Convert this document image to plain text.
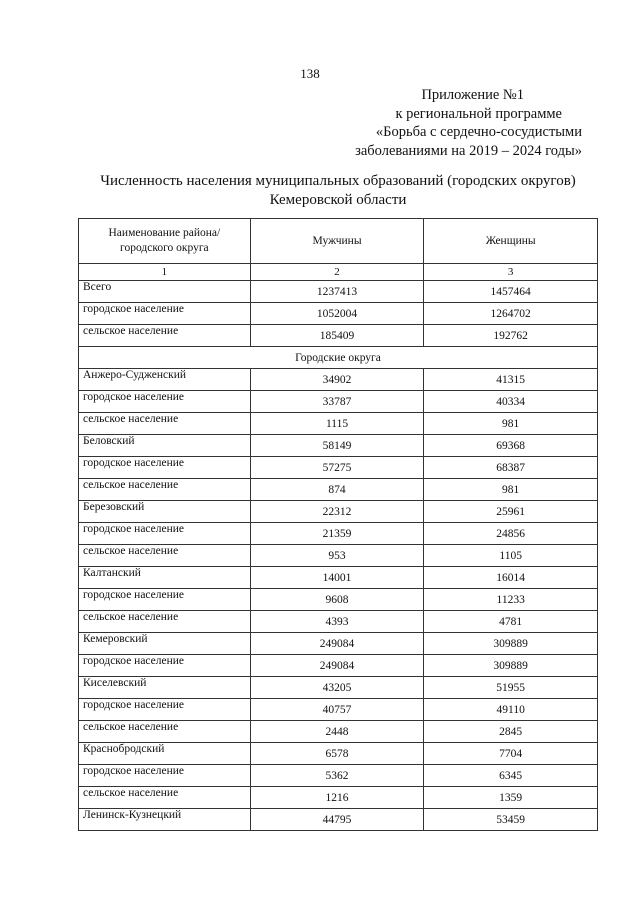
138
Приложение №1
к региональной программе
«Борьба с сердечно-сосудистыми
заболеваниями на 2019 – 2024 годы»
Численность населения муниципальных образований (городских округов)
Кемеровской области
Наименование района/
городского округа	Мужчины	Женщины
1	2	3
Всего	1237413	1457464
городское население	1052004	1264702
сельское население	185409	192762
Городские округа		
Анжеро-Судженский	34902	41315
городское население	33787	40334
сельское население	1115	981
Беловский	58149	69368
городское население	57275	68387
сельское население	874	981
Березовский	22312	25961
городское население	21359	24856
сельское население	953	1105
Калтанский	14001	16014
городское население	9608	11233
сельское население	4393	4781
Кемеровский	249084	309889
городское население	249084	309889
Киселевский	43205	51955
городское население	40757	49110
сельское население	2448	2845
Краснобродский	6578	7704
городское население	5362	6345
сельское население	1216	1359
Ленинск-Кузнецкий	44795	53459
